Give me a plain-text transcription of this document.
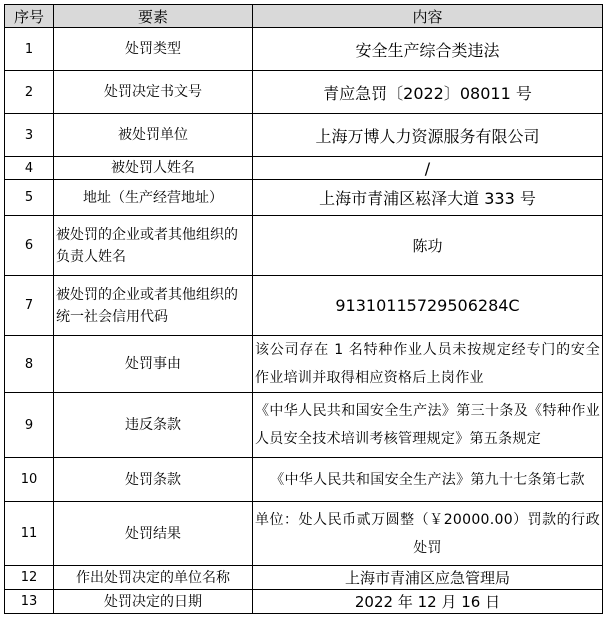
序号	要素	内容
1	处罚类型	安全生产综合类违法
2	处罚决定书文号	青应急罚〔2022〕08011 号
3	被处罚单位	上海万博人力资源服务有限公司
4	被处罚人姓名	/
5	地址（生产经营地址）	上海市青浦区崧泽大道 333 号
6	被处罚的企业或者其他组织的负责人姓名	陈功
7	被处罚的企业或者其他组织的统一社会信用代码	91310115729506284C
8	处罚事由	该公司存在 1 名特种作业人员未按规定经专门的安全作业培训并取得相应资格后上岗作业
9	违反条款	《中华人民共和国安全生产法》第三十条及《特种作业人员安全技术培训考核管理规定》第五条规定
10	处罚条款	《中华人民共和国安全生产法》第九十七条第七款
11	处罚结果	单位：处人民币贰万圆整（￥20000.00）罚款的行政处罚
12	作出处罚决定的单位名称	上海市青浦区应急管理局
13	处罚决定的日期	2022 年 12 月 16 日
